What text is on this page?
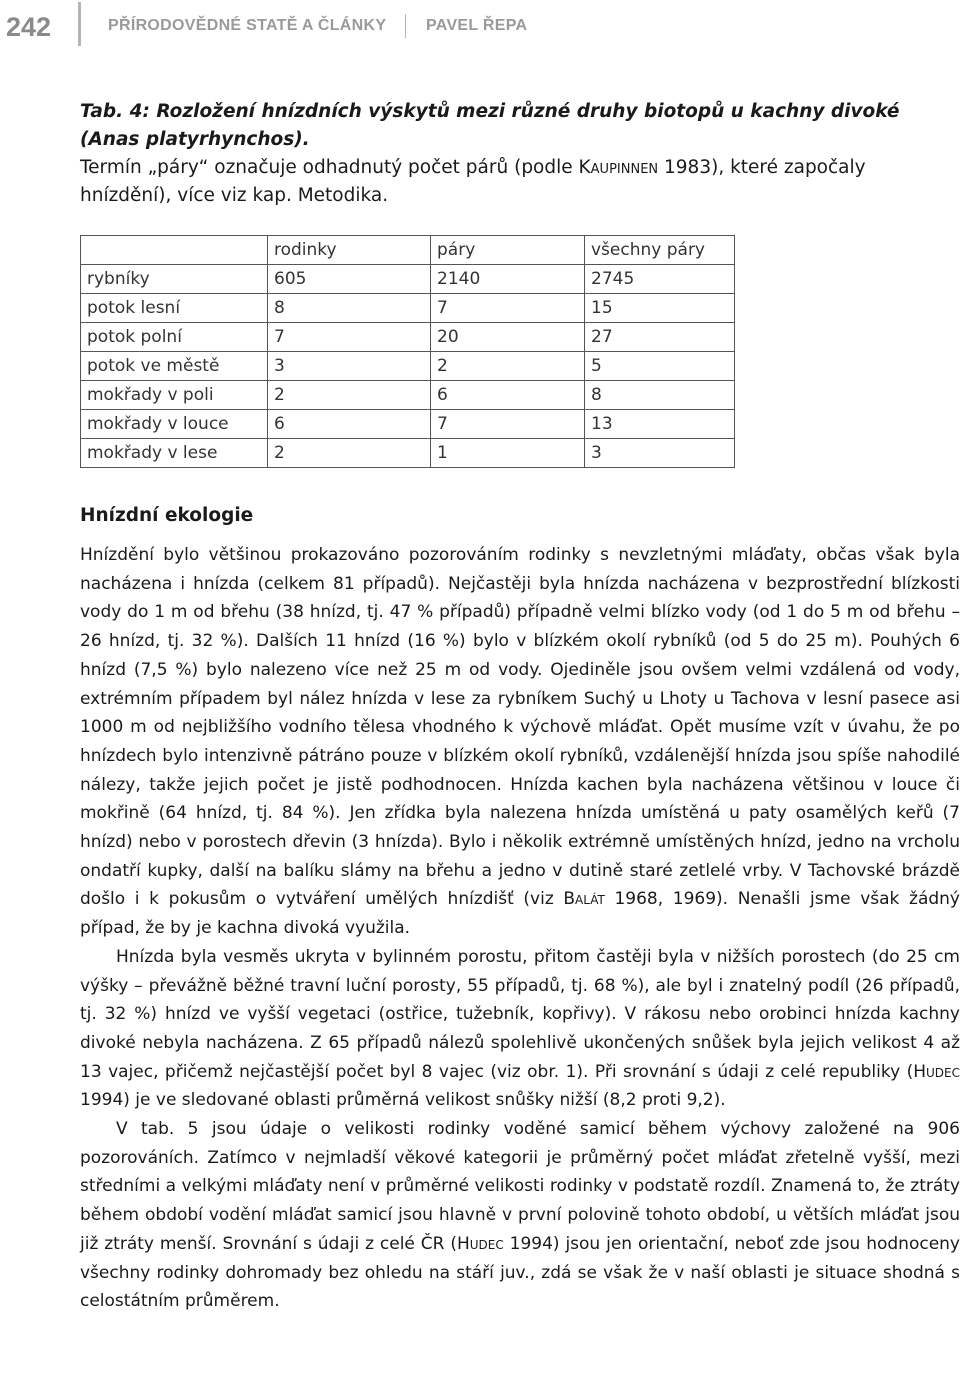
242	PŘÍRODOVĚDNÉ STATĚ A ČLÁNKY PAVEL ŘEPA
Tab. 4: Rozložení hnízdních výskytů mezi různé druhy biotopů u kachny divoké
(Anas platyrhynchos).
Termín „páry“ označuje odhadnutý počet párů (podle Kaupinnen 1983), které započaly hnízdění), více viz kap. Metodika.
	rodinky	páry	všechny páry
rybníky	605	2140	2745
potok lesní	8	7	15
potok polní	7	20	27
potok ve městě	3	2	5
mokřady v poli	2	6	8
mokřady v louce	6	7	13
mokřady v lese	2	1	3
Hnízdní ekologie

Hnízdění bylo většinou prokazováno pozorováním rodinky s nevzletnými mláďaty, občas však byla nacházena i hnízda (celkem 81 případů). Nejčastěji byla hnízda nacházena v bezprostřední blízkosti vody do 1 m od břehu (38 hnízd, tj. 47 % případů) případně velmi blízko vody (od 1 do 5 m od břehu – 26 hnízd, tj. 32 %). Dalších 11 hnízd (16 %) bylo v blízkém okolí rybníků (od 5 do 25 m). Pouhých 6 hnízd (7,5 %) bylo nalezeno více než 25 m od vody. Ojediněle jsou ovšem velmi vzdálená od vody, extrémním případem byl nález hnízda v lese za rybníkem Suchý u Lhoty u Tachova v lesní pasece asi 1000 m od nejbližšího vodního tělesa vhodného k výchově mláďat. Opět musíme vzít v úvahu, že po hnízdech bylo intenzivně pátráno pouze v blízkém okolí rybníků, vzdálenější hnízda jsou spíše nahodilé nálezy, takže jejich počet je jistě podhodnocen. Hnízda kachen byla nacházena většinou v louce či mokřině (64 hnízd, tj. 84 %). Jen zřídka byla nalezena hnízda umístěná u paty osamělých keřů (7 hnízd) nebo v porostech dřevin (3 hnízda). Bylo i několik extrémně umístěných hnízd, jedno na vrcholu ondatří kupky, další na balíku slámy na břehu a jedno v dutině staré zetlelé vrby. V Tachovské brázdě došlo i k pokusům o vytváření umělých hnízdišť (viz Balát 1968, 1969). Nenašli jsme však žádný případ, že by je kachna divoká využila.

Hnízda byla vesměs ukryta v bylinném porostu, přitom častěji byla v nižších porostech (do 25 cm výšky – převážně běžné travní luční porosty, 55 případů, tj. 68 %), ale byl i znatelný podíl (26 případů, tj. 32 %) hnízd ve vyšší vegetaci (ostřice, tužebník, kopřivy). V rákosu nebo orobinci hnízda kachny divoké nebyla nacházena. Z 65 případů nálezů spolehlivě ukončených snůšek byla jejich velikost 4 až 13 vajec, přičemž nejčastější počet byl 8 vajec (viz obr. 1). Při srovnání s údaji z celé republiky (Hudec 1994) je ve sledované oblasti průměrná velikost snůšky nižší (8,2 proti 9,2).

V tab. 5 jsou údaje o velikosti rodinky voděné samicí během výchovy založené na 906 pozorováních. Zatímco v nejmladší věkové kategorii je průměrný počet mláďat zřetelně vyšší, mezi středními a velkými mláďaty není v průměrné velikosti rodinky v podstatě rozdíl. Znamená to, že ztráty během období vodění mláďat samicí jsou hlavně v první polovině tohoto období, u větších mláďat jsou již ztráty menší. Srovnání s údaji z celé ČR (Hudec 1994) jsou jen orientační, neboť zde jsou hodnoceny všechny rodinky dohromady bez ohledu na stáří juv., zdá se však že v naší oblasti je situace shodná s celostátním průměrem.
